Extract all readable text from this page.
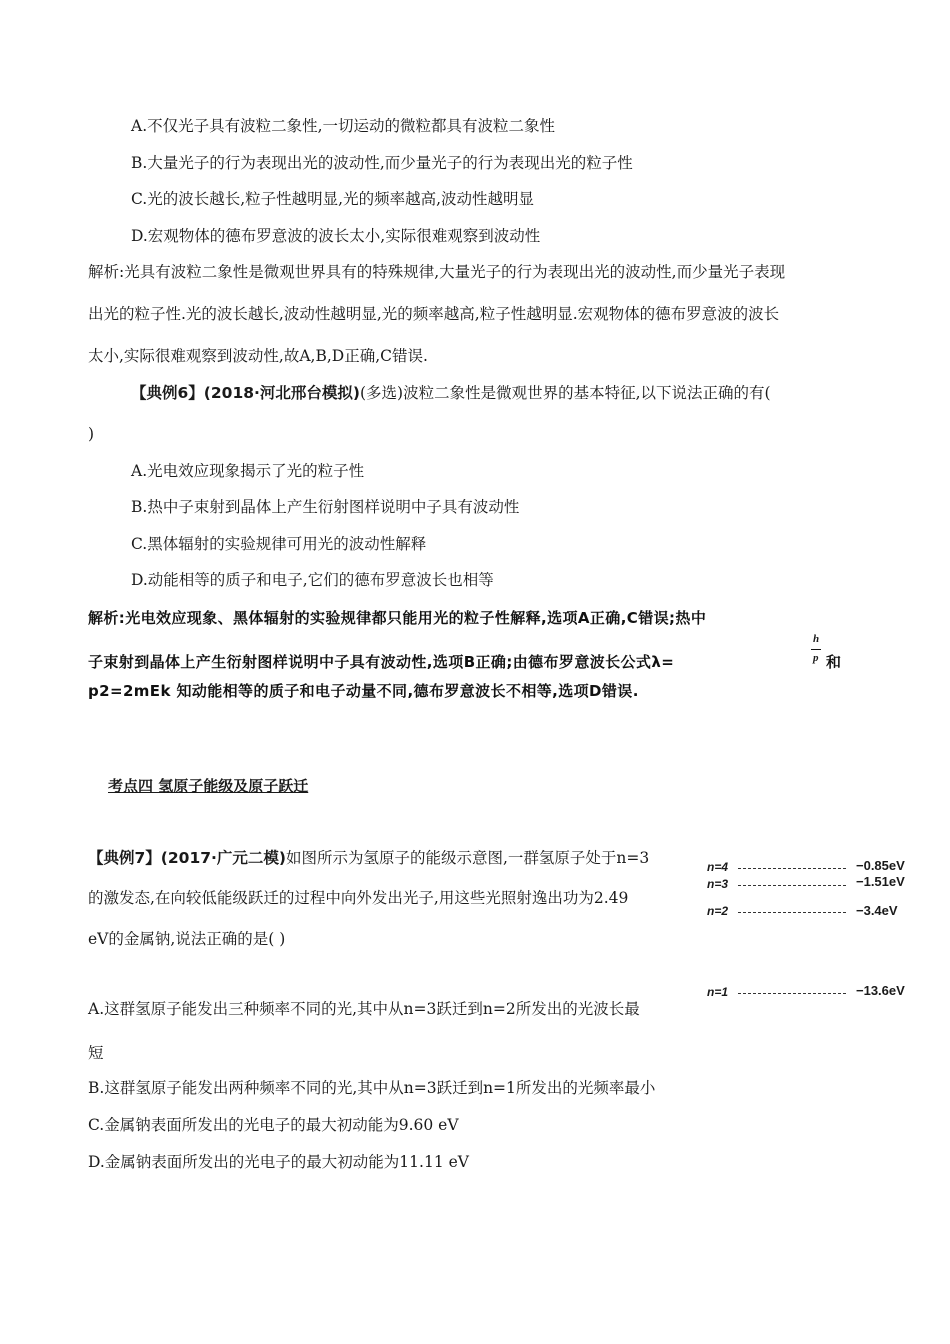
A.不仅光子具有波粒二象性,一切运动的微粒都具有波粒二象性
B.大量光子的行为表现出光的波动性,而少量光子的行为表现出光的粒子性
C.光的波长越长,粒子性越明显,光的频率越高,波动性越明显
D.宏观物体的德布罗意波的波长太小,实际很难观察到波动性
解析:光具有波粒二象性是微观世界具有的特殊规律,大量光子的行为表现出光的波动性,而少量光子表现
出光的粒子性.光的波长越长,波动性越明显,光的频率越高,粒子性越明显.宏观物体的德布罗意波的波长
太小,实际很难观察到波动性,故A,B,D正确,C错误.
【典例6】(2018·河北邢台模拟)(多选)波粒二象性是微观世界的基本特征,以下说法正确的有(
)
A.光电效应现象揭示了光的粒子性
B.热中子束射到晶体上产生衍射图样说明中子具有波动性
C.黑体辐射的实验规律可用光的波动性解释
D.动能相等的质子和电子,它们的德布罗意波长也相等
解析:光电效应现象、黑体辐射的实验规律都只能用光的粒子性解释,选项A正确,C错误;热中
子束射到晶体上产生衍射图样说明中子具有波动性,选项B正确;由德布罗意波长公式λ=
h
p 和
p2=2mEk 知动能相等的质子和电子动量不同,德布罗意波长不相等,选项D错误.
考点四 氢原子能级及原子跃迁
【典例7】(2017·广元二模)如图所示为氢原子的能级示意图,一群氢原子处于n=3
的激发态,在向较低能级跃迁的过程中向外发出光子,用这些光照射逸出功为2.49
eV的金属钠,说法正确的是( )
A.这群氢原子能发出三种频率不同的光,其中从n=3跃迁到n=2所发出的光波长最
短
B.这群氢原子能发出两种频率不同的光,其中从n=3跃迁到n=1所发出的光频率最小
C.金属钠表面所发出的光电子的最大初动能为9.60 eV
D.金属钠表面所发出的光电子的最大初动能为11.11 eV
n=4	−0.85eV
n=3	−1.51eV
n=2	−3.4eV
n=1	−13.6eV
